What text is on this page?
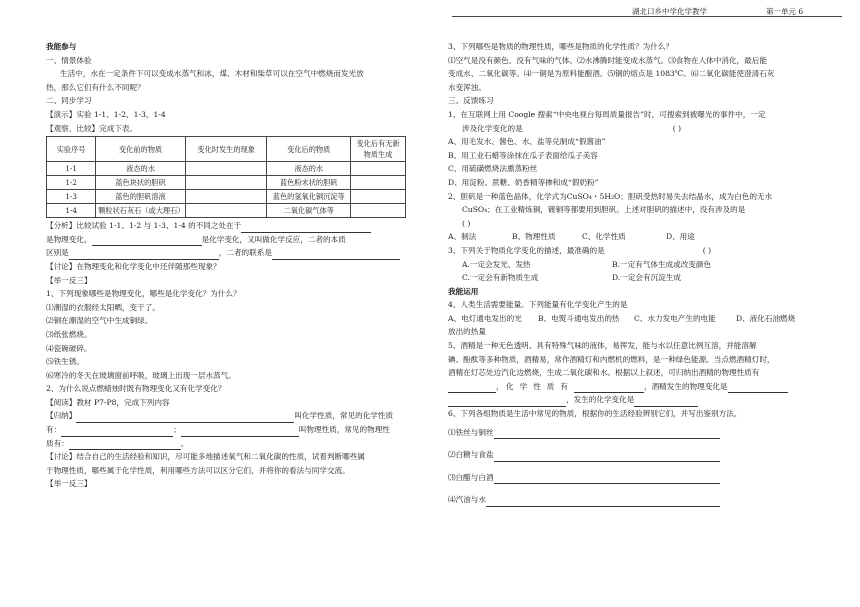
湖北口乡中学化学教学	第一单元 6

我能参与

一、情景体验

生活中，水在一定条件下可以变成水蒸气和冰，煤、木材和柴草可以在空气中燃烧而发光放

热，那么它们有什么不同呢？

二、同步学习

【演示】实验 1-1、1-2、1-3、1-4

【观察、比较】完成下表。

实验序号	变化前的物质	变化时发生的现象	变化后的物质	变化后有无新物质生成
1-1	液态的水		液态的水	
1-2	蓝色块状的胆矾		蓝色粉末状的胆矾	
1-3	蓝色的胆矾溶液		蓝色的氢氧化铜沉淀等	
1-4	颗粒状石灰石（或大理石）		二氧化碳气体等	

【分析】比较试验 1-1、1-2 与 1-3、1-4 的不同之处在于

是物理变化，	是化学变化，又叫做化学反应，二者的本质

区别是	，二者的联系是

【讨论】在物理变化和化学变化中还伴随那些现象？

【举一反三】

1、下列现象哪些是物理变化，哪些是化学变化？为什么？

⑴潮湿的衣服经太阳晒，变干了。

⑵铜在潮湿的空气中生成铜绿。

⑶纸张燃烧。

⑷瓷碗破碎。

⑸铁生锈。

⑹寒冷的冬天在玻璃窗前呼吸，玻璃上出现一层水蒸气。

2、为什么说点燃蜡烛时既有物理变化又有化学变化？

【阅读】教材 P7-P8，完成下列内容

【归纳】	叫化学性质，常见的化学性质

有：	；	叫物理性质，常见的物理性

质有：	。

【讨论】结合自己的生活经验和知识，尽可能多地描述氧气和二氧化碳的性质，试着判断哪些属

于物理性质，哪些属于化学性质，利用哪些方法可以区分它们，并将你的看法与同学交流。

【举一反三】

3、下列哪些是物质的物理性质，哪些是物质的化学性质？为什么？

⑴空气是没有颜色、没有气味的气体。⑵水沸腾时能变成水蒸气。⑶食物在人体中消化，最后能

变成水、二氧化碳等。⑷一铜是为原料能酿酒。⑸铜的熔点是 1083℃。⑹二氧化碳能使澄清石灰

水变浑浊。

三、反馈练习

1、在互联网上用 Coogle 搜索“中央电视台每周质量报告”时，可搜索到被曝光的事件中，一定

涉及化学变化的是	( )

A、用毛发水、酱色、水、盐等兑制成“假酱油”

B、用工业石蜡等涂抹在瓜子表面给瓜子美容

C、用硫磺燃烧法熏蒸粉丝

D、用淀粉、蔗糖、奶香精等掺和成“假奶粉”

2、胆矾是一种蓝色晶体，化学式为CuSO₄・5H₂O；胆矾受热时易失去结晶水，成为白色的无水

CuSO₄；在工业精炼铜，镀铜等都要用到胆矾。上述对胆矾的描述中，没有涉及的是

( )

A、制法	B、物理性质	C、化学性质	D、用途

3、下列关于物质化学变化的描述，最准确的是	( )

A.一定会发光、发热	B.一定有气体生成或改变颜色

C.一定会有新物质生成	D.一定会有沉淀生成

我能运用

4、人类生活需要能量。下列能量有化学变化产生的是

A、电灯通电发出的光	B、电熨斗通电发出的热	C、水力发电产生的电能	D、液化石油燃烧

放出的热量

5、酒精是一种无色透明、具有特殊气味的液体，易挥发，能与水以任意比例互溶，并能溶解

碘、酚酞等多种物质，酒精易，常作酒精灯和内燃机的燃料，是一种绿色能源。当点燃酒精灯时，

酒精在灯芯处边汽化边燃烧，生成二氧化碳和水。根据以上叙述，可归纳出酒精的物理性质有

， 化学性质有	，酒精发生的物理变化是

，发生的化学变化是

6、下列各组物质是生活中常见的物质，根据你的生活经验辨别它们，并写出鉴别方法。

⑴铁丝与铜丝

⑵白糖与食盐

⑶白醋与白酒

⑷汽油与水
